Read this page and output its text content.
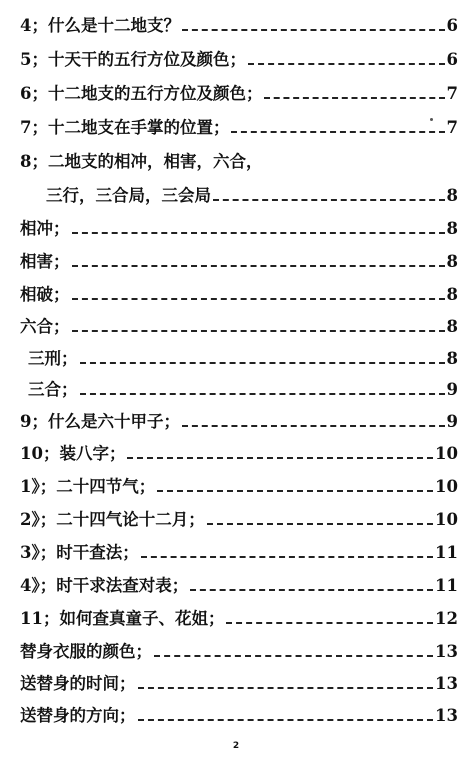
4；什么是十二地支？	6
5；十天干的五行方位及颜色；	6
6；十二地支的五行方位及颜色；	7
7；十二地支在手掌的位置；	7
8；二地支的相冲，相害，六合，
三行，三合局，三会局	8
相冲；	8
相害；	8
相破；	8
六合；	8
三刑；	8
三合；	9
9；什么是六十甲子；	9
10；装八字；	10
1》；二十四节气；	10
2》；二十四气论十二月；	10
3》；时干查法；	11
4》；时干求法查对表；	11
11；如何查真童子、花姐；	12
替身衣服的颜色；	13
送替身的时间；	13
送替身的方向；	13
2
